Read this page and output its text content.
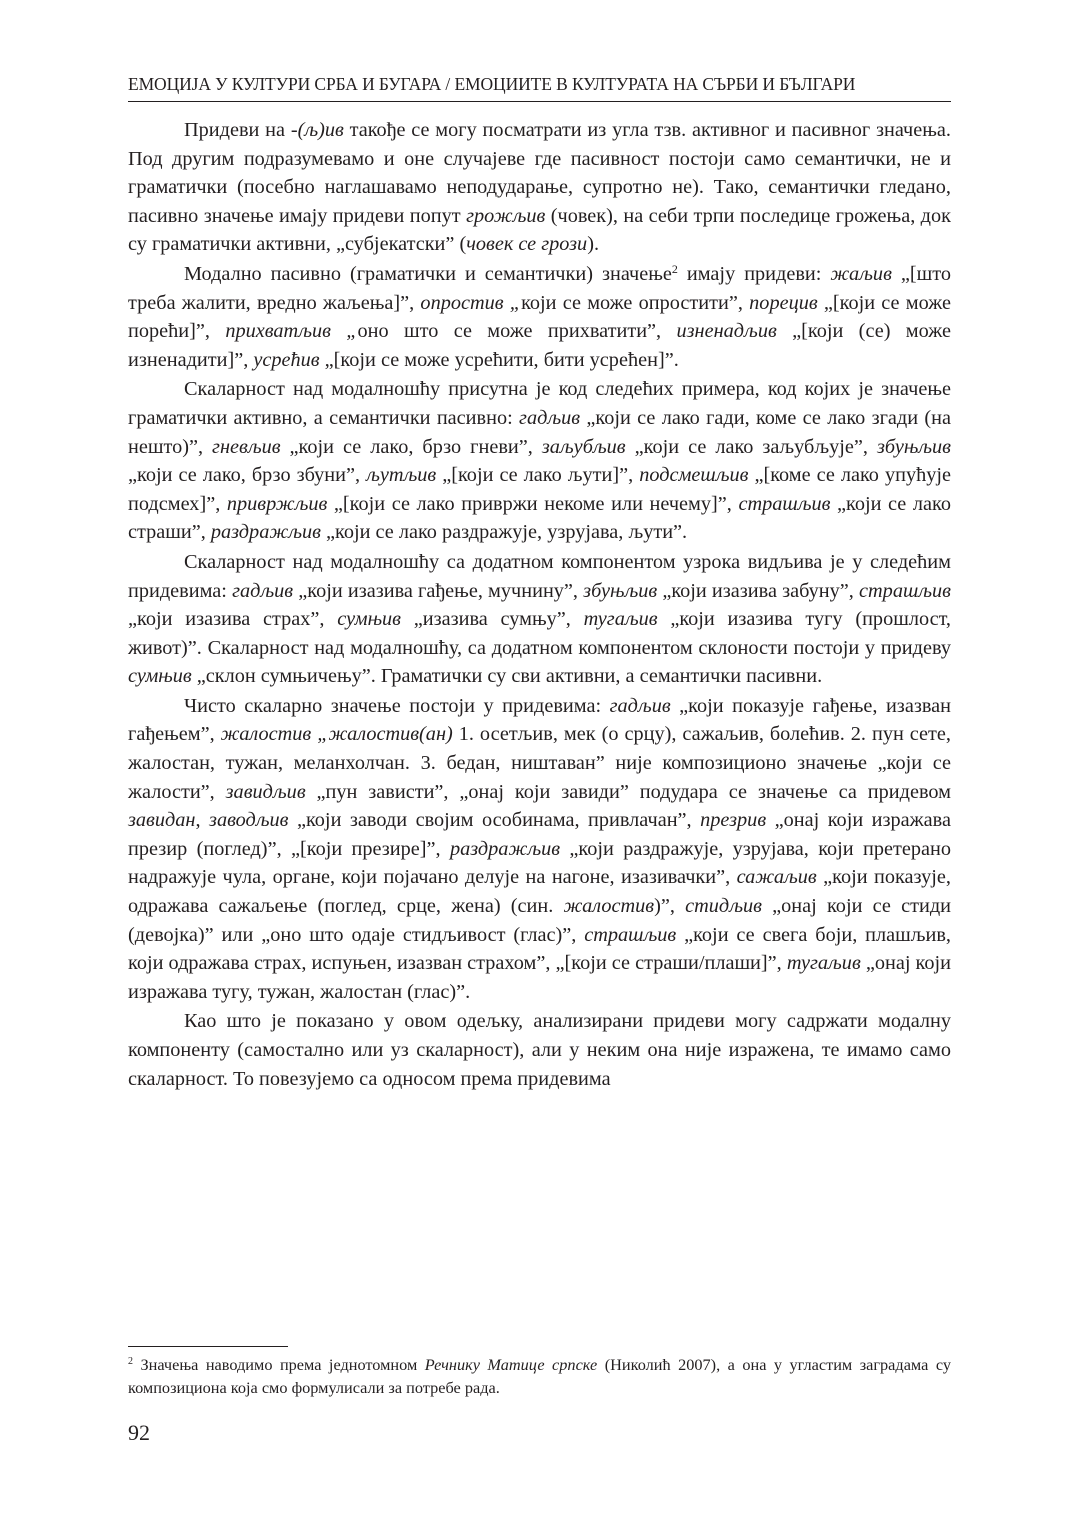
ЕМОЦИЈА У КУЛТУРИ СРБА И БУГАРА / ЕМОЦИИТЕ В КУЛТУРАТА НА СЪРБИ И БЪЛГАРИ

Придеви на -(љ)ив такође се могу посматрати из угла тзв. активног и пасивног значења. Под другим подразумевамо и оне случајеве где пасивност постоји само семантички, не и граматички (посебно наглашавамо неподударање, супротно не). Тако, семантички гледано, пасивно значење имају придеви попут грожљив (човек), на себи трпи последице грожења, док су граматички активни, „субјекатски” (човек се грози).

Модално пасивно (граматички и семантички) значење$^2$ имају придеви: жаљив „[што треба жалити, вредно жаљења]”, опростив „који се може опростити”, порецив „[који се може порећи]”, прихватљив „оно што се може прихватити”, изненадљив „[који (се) може изненадити]”, усрећив „[који се може усрећити, бити усрећен]”.

Скаларност над модалношћу присутна је код следећих примера, код којих је значење граматички активно, а семантички пасивно: гадљив „који се лако гади, коме се лако згади (на нешто)”, гневљив „који се лако, брзо гневи”, заљубљив „који се лако заљубљује”, збуњљив „који се лако, брзо збуни”, љутљив „[који се лако љути]”, подсмешљив „[коме се лако упућује подсмех]”, привржљив „[који се лако привржи некоме или нечему]”, страшљив „који се лако страши”, раздражљив „који се лако раздражује, узрујава, љути”.

Скаларност над модалношћу са додатном компонентом узрока видљива је у следећим придевима: гадљив „који изазива гађење, мучнину”, збуњљив „који изазива забуну”, страшљив „који изазива страх”, сумњив „изазива сумњу”, тугаљив „који изазива тугу (прошлост, живот)”. Скаларност над модалношћу, са додатном компонентом склоности постоји у придеву сумњив „склон сумњичењу”. Граматички су сви активни, а семантички пасивни.

Чисто скаларно значење постоји у придевима: гадљив „који показује гађење, изазван гађењем”, жалостив „жалостив(ан) 1. осетљив, мек (о срцу), сажаљив, болећив. 2. пун сете, жалостан, тужан, меланхолчан. 3. бедан, ништаван” није композиционо значење „који се жалости”, завидљив „пун зависти”, „онај који завиди” подудара се значење са придевом завидан, заводљив „који заводи својим особинама, привлачан”, презрив „онај који изражава презир (поглед)”, „[који презире]”, раздражљив „који раздражује, узрујава, који претерано надражује чула, органе, који појачано делује на нагоне, изазивачки”, сажаљив „који показује, одражава сажаљење (поглед, срце, жена) (син. жалостив)”, стидљив „онај који се стиди (девојка)” или „оно што одаје стидљивост (глас)”, страшљив „који се свега боји, плашљив, који одражава страх, испуњен, изазван страхом”, „[који се страши/плаши]”, тугаљив „онај који изражава тугу, тужан, жалостан (глас)”.

Као што је показано у овом одељку, анализирани придеви могу садржати модалну компоненту (самостално или уз скаларност), али у неким она није изражена, те имамо само скаларност. То повезујемо са односом према придевима

$^2$ Значења наводимо према једнотомном Речнику Матице српске (Николић 2007), а она у угластим заградама су композициона која смо формулисали за потребе рада.
92
